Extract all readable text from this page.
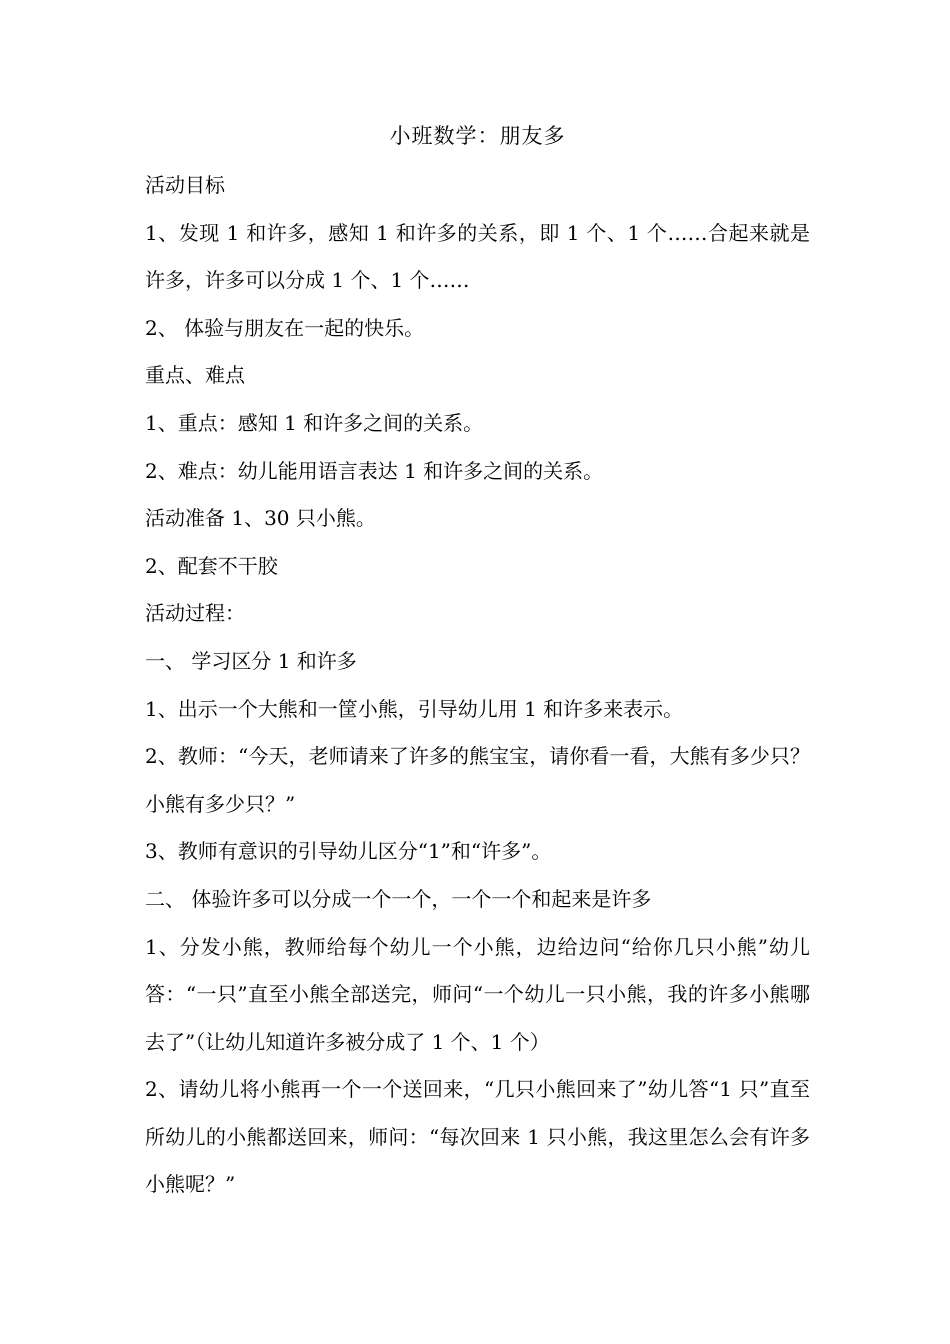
小班数学：朋友多

活动目标

1、发现 1 和许多，感知 1 和许多的关系，即 1 个、1 个……合起来就是许多，许多可以分成 1 个、1 个……

2、 体验与朋友在一起的快乐。

重点、难点

1、重点：感知 1 和许多之间的关系。

2、难点：幼儿能用语言表达 1 和许多之间的关系。

活动准备 1、30 只小熊。

2、配套不干胶

活动过程：

一、 学习区分 1 和许多

1、出示一个大熊和一筐小熊，引导幼儿用 1 和许多来表示。

2、教师：“今天，老师请来了许多的熊宝宝，请你看一看，大熊有多少只？小熊有多少只？”

3、教师有意识的引导幼儿区分“1”和“许多”。

二、 体验许多可以分成一个一个，一个一个和起来是许多

1、分发小熊，教师给每个幼儿一个小熊，边给边问“给你几只小熊”幼儿答：“一只”直至小熊全部送完，师问“一个幼儿一只小熊，我的许多小熊哪去了”（让幼儿知道许多被分成了 1 个、1 个）

2、请幼儿将小熊再一个一个送回来，“几只小熊回来了”幼儿答“1 只”直至所幼儿的小熊都送回来，师问：“每次回来 1 只小熊，我这里怎么会有许多小熊呢？”
